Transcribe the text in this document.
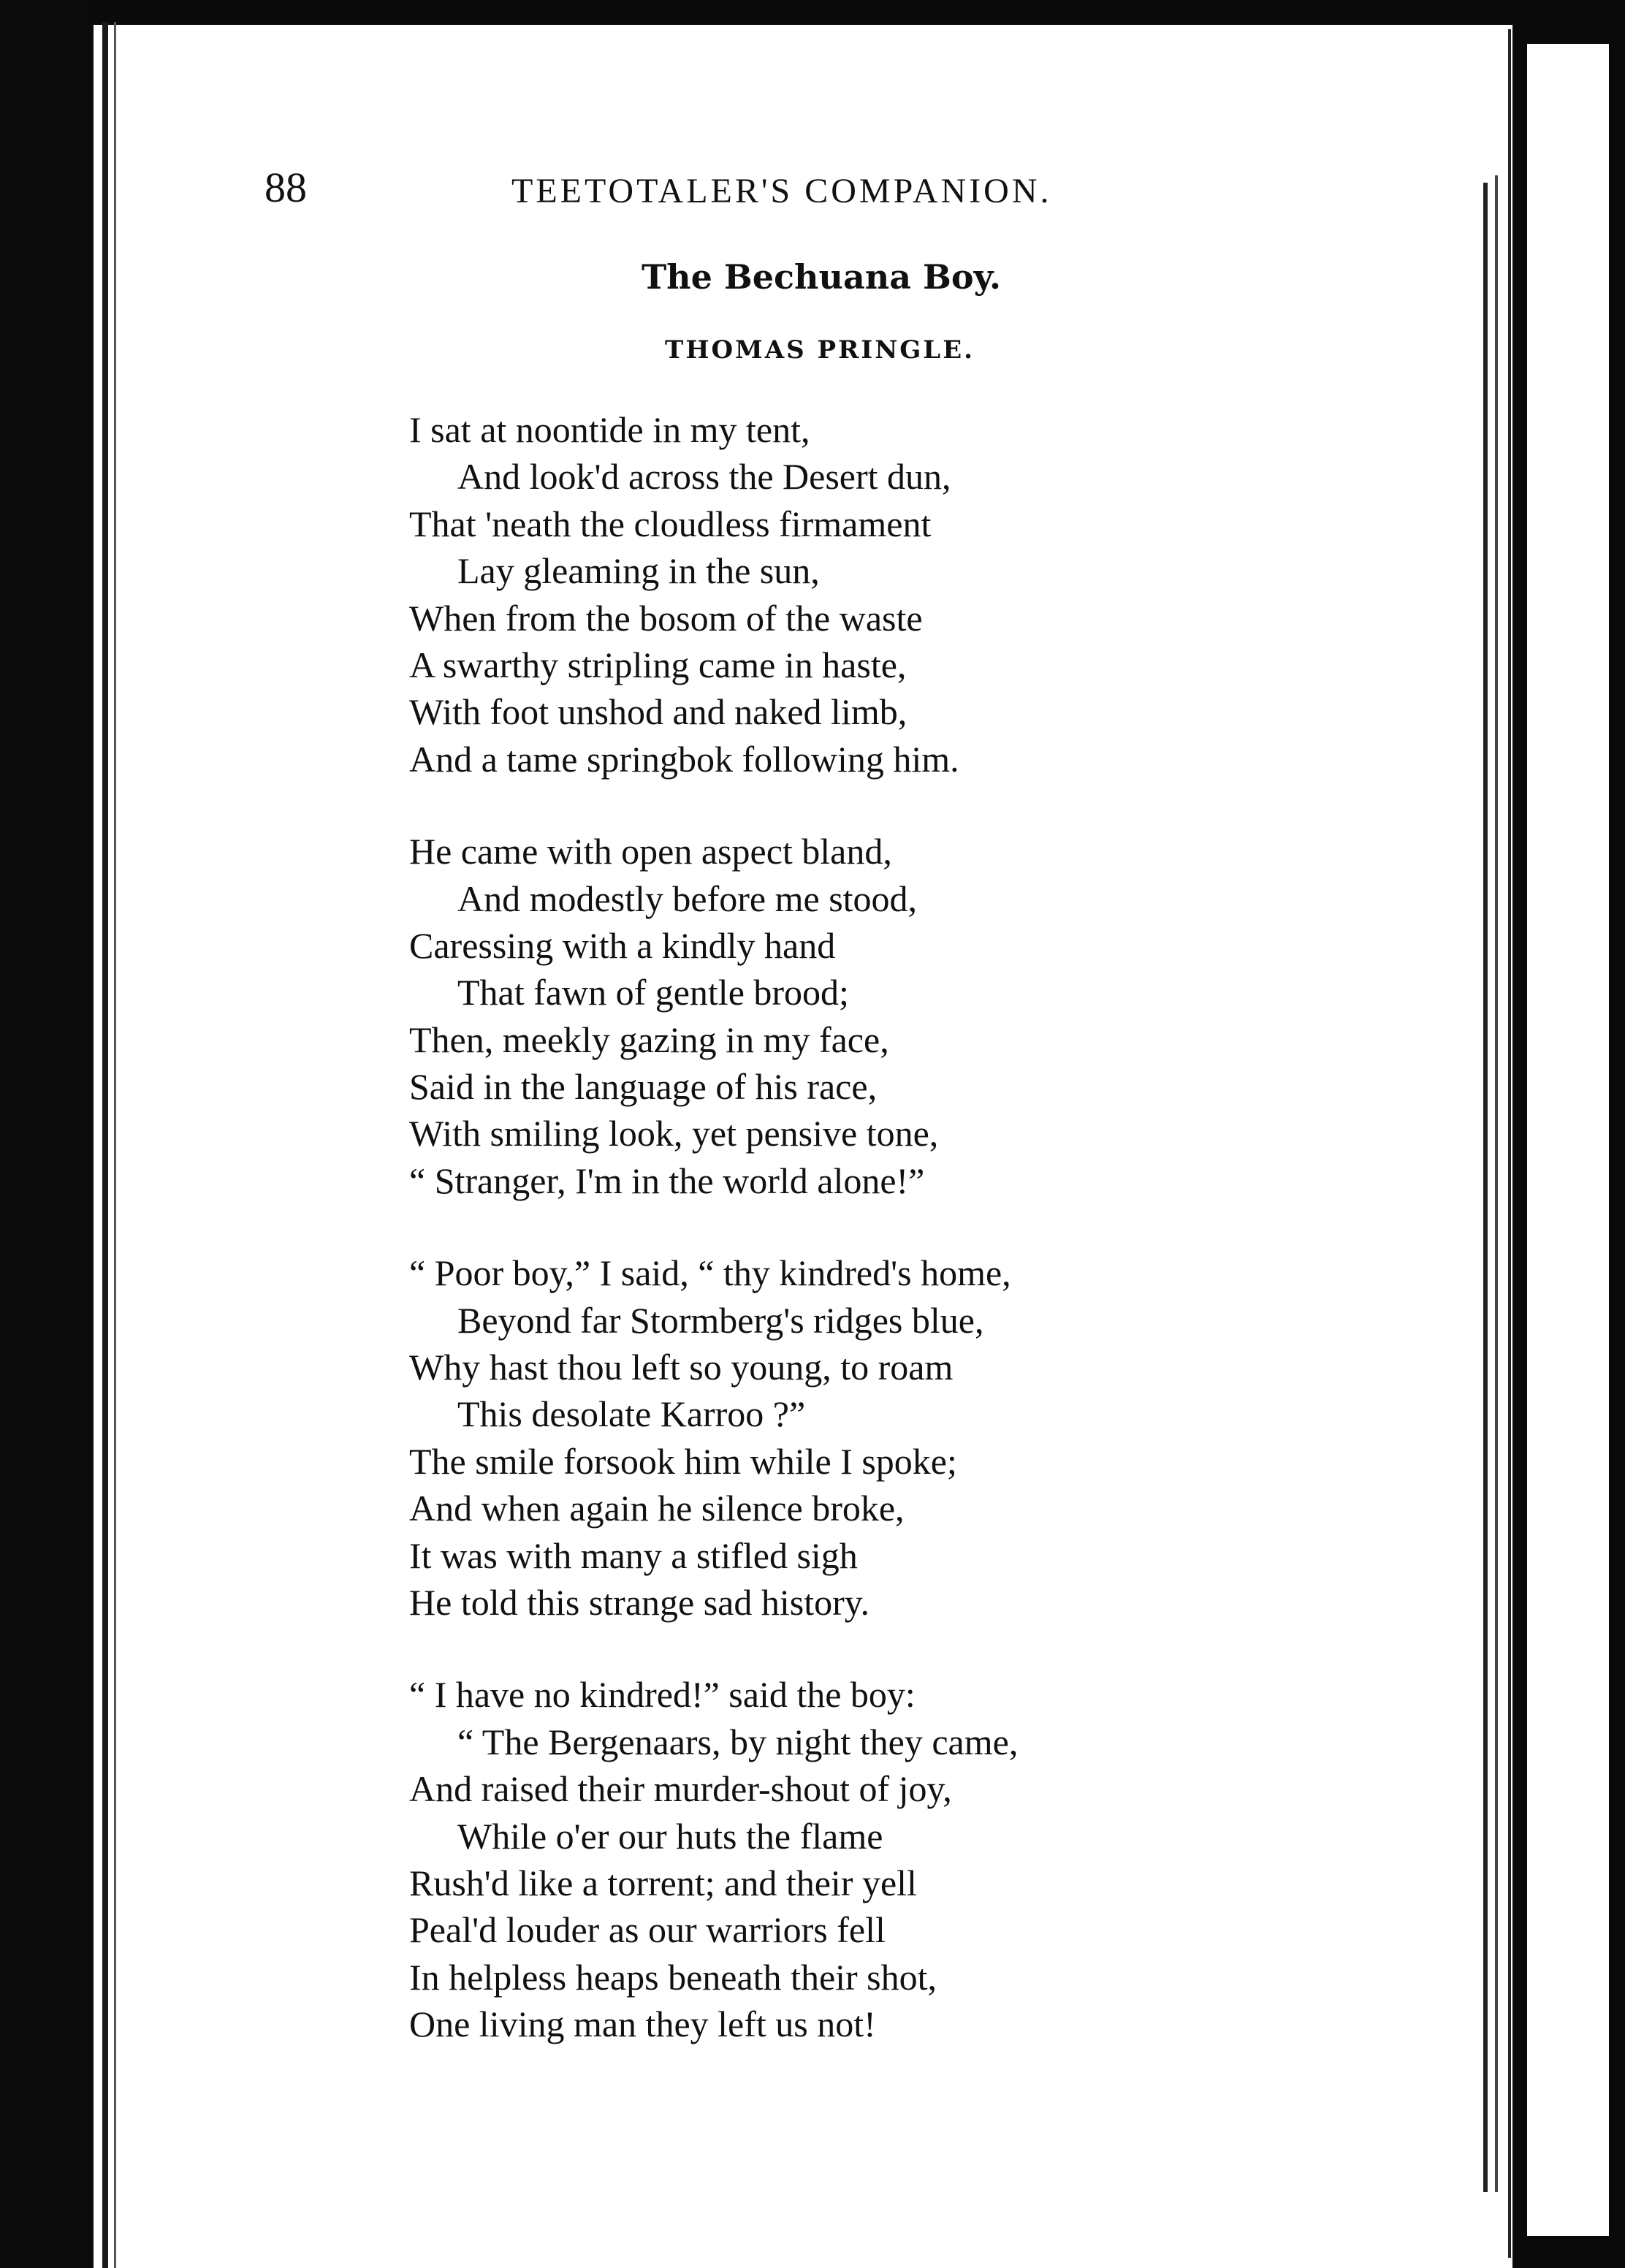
88	TEETOTALER'S COMPANION.
The Bechuana Boy.
THOMAS PRINGLE.
I sat at noontide in my tent,
And look'd across the Desert dun,
That 'neath the cloudless firmament
Lay gleaming in the sun,
When from the bosom of the waste
A swarthy stripling came in haste,
With foot unshod and naked limb,
And a tame springbok following him.
He came with open aspect bland,
And modestly before me stood,
Caressing with a kindly hand
That fawn of gentle brood;
Then, meekly gazing in my face,
Said in the language of his race,
With smiling look, yet pensive tone,
“ Stranger, I'm in the world alone!”
“ Poor boy,” I said, “ thy kindred's home,
Beyond far Stormberg's ridges blue,
Why hast thou left so young, to roam
This desolate Karroo ?”
The smile forsook him while I spoke;
And when again he silence broke,
It was with many a stifled sigh
He told this strange sad history.
“ I have no kindred!” said the boy:
“ The Bergenaars, by night they came,
And raised their murder-shout of joy,
While o'er our huts the flame
Rush'd like a torrent; and their yell
Peal'd louder as our warriors fell
In helpless heaps beneath their shot,
One living man they left us not!
